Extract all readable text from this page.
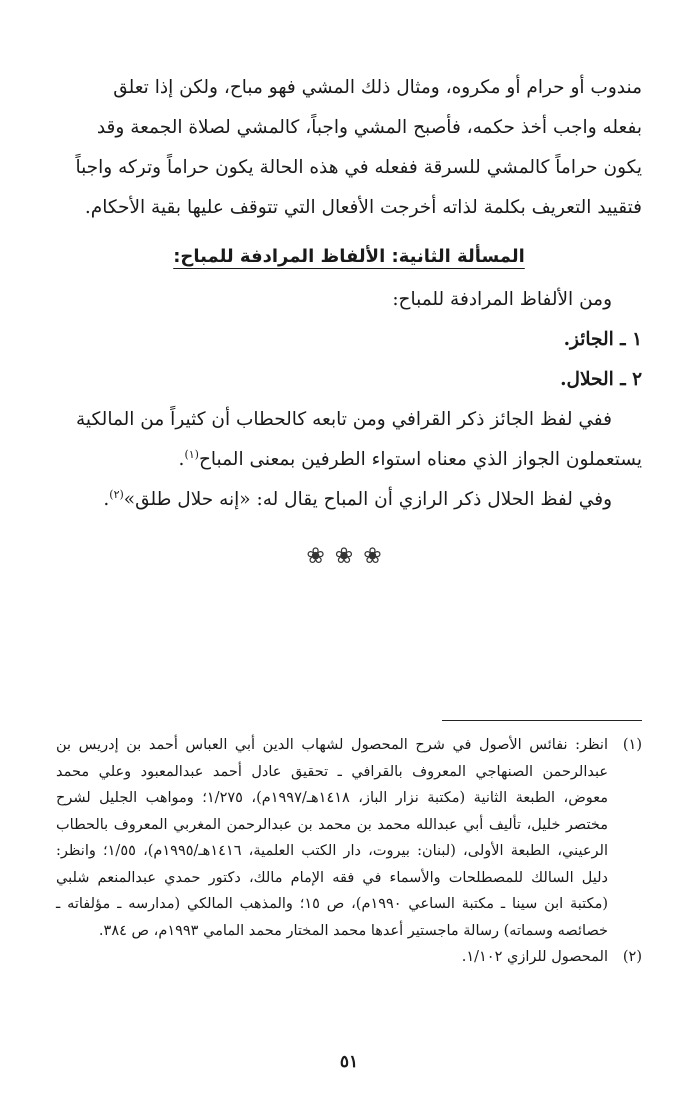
مندوب أو حرام أو مكروه، ومثال ذلك المشي فهو مباح، ولكن إذا تعلق

بفعله واجب أخذ حكمه، فأصبح المشي واجباً، كالمشي لصلاة الجمعة وقد

يكون حراماً كالمشي للسرقة ففعله في هذه الحالة يكون حراماً وتركه واجباً

فتقييد التعريف بكلمة لذاته أخرجت الأفعال التي تتوقف عليها بقية الأحكام.

المسألة الثانية: الألفاظ المرادفة للمباح:

ومن الألفاظ المرادفة للمباح:

١ ـ الجائز.

٢ ـ الحلال.

ففي لفظ الجائز ذكر القرافي ومن تابعه كالحطاب أن كثيراً من المالكية

يستعملون الجواز الذي معناه استواء الطرفين بمعنى المباح$^{(١)}$.

وفي لفظ الحلال ذكر الرازي أن المباح يقال له: «إنه حلال طلق»$^{(٢)}$.

❀❀❀
(١)
انظر: نفائس الأصول في شرح المحصول لشهاب الدين أبي العباس أحمد بن إدريس بن عبدالرحمن الصنهاجي المعروف بالقرافي ـ تحقيق عادل أحمد عبدالمعبود وعلي محمد معوض، الطبعة الثانية (مكتبة نزار الباز، ١٤١٨هـ/١٩٩٧م)، ١/٢٧٥؛ ومواهب الجليل لشرح مختصر خليل، تأليف أبي عبدالله محمد بن محمد بن عبدالرحمن المغربي المعروف بالحطاب الرعيني، الطبعة الأولى، (لبنان: بيروت، دار الكتب العلمية، ١٤١٦هـ/١٩٩٥م)، ١/٥٥؛ وانظر: دليل السالك للمصطلحات والأسماء في فقه الإمام مالك، دكتور حمدي عبدالمنعم شلبي (مكتبة ابن سينا ـ مكتبة الساعي ١٩٩٠م)، ص ١٥؛ والمذهب المالكي (مدارسه ـ مؤلفاته ـ خصائصه وسماته) رسالة ماجستير أعدها محمد المختار محمد المامي ١٩٩٣م، ص ٣٨٤.
(٢)
المحصول للرازي ١/١٠٢.
٥١
